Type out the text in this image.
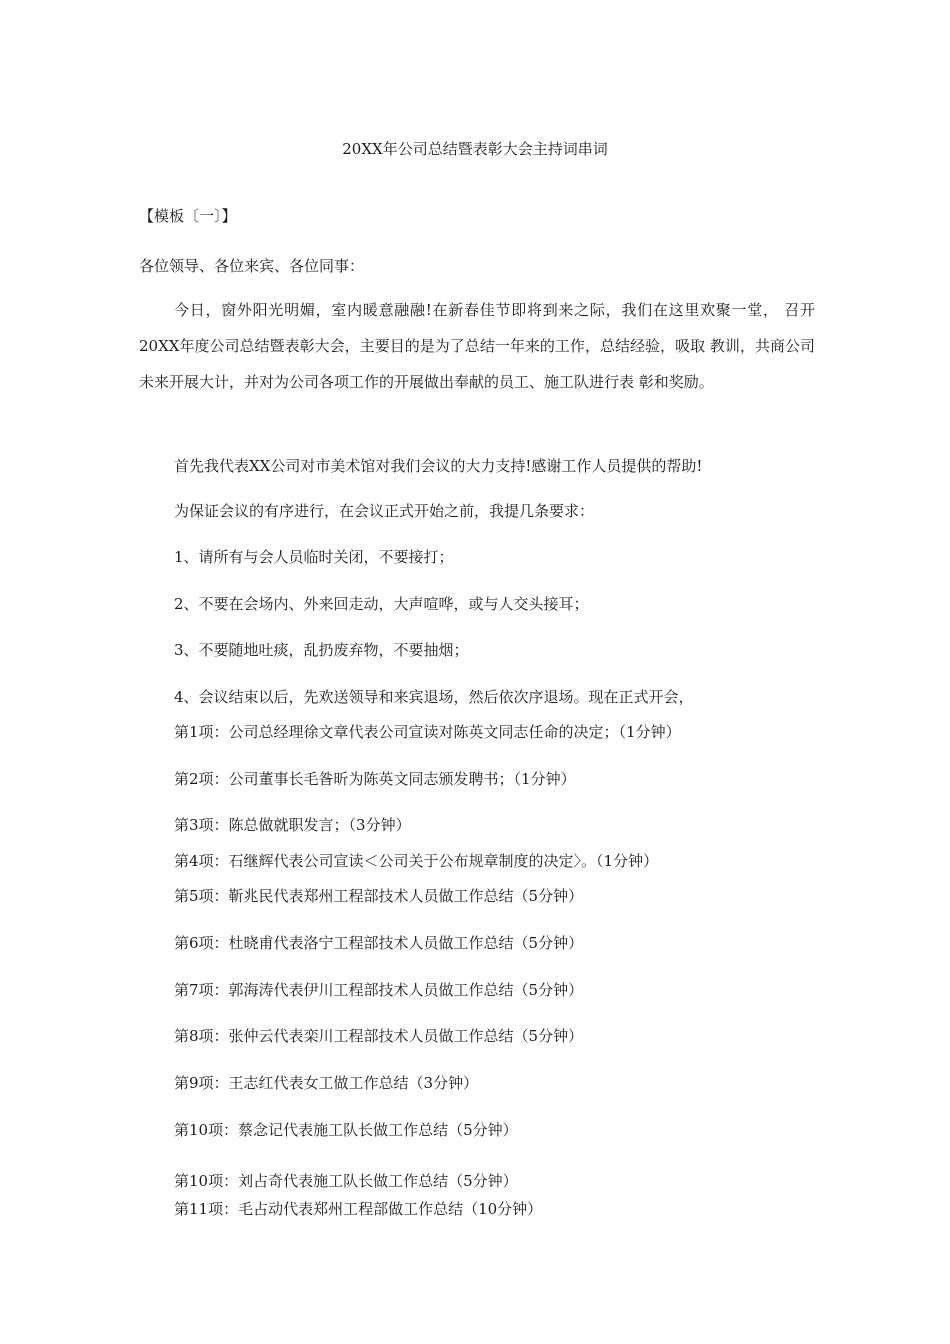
20XX年公司总结暨表彰大会主持词串词
【模板〔一〕】
各位领导、各位来宾、各位同事：
今日，窗外阳光明媚，室内暖意融融!在新春佳节即将到来之际，我们在这里欢聚一堂， 召开20XX年度公司总结暨表彰大会，主要目的是为了总结一年来的工作，总结经验，吸取 教训，共商公司未来开展大计，并对为公司各项工作的开展做出奉献的员工、施工队进行表 彰和奖励。
首先我代表XX公司对市美术馆对我们会议的大力支持!感谢工作人员提供的帮助!
为保证会议的有序进行，在会议正式开始之前，我提几条要求：
1、请所有与会人员临时关闭，不要接打；
2、不要在会场内、外来回走动，大声喧哗，或与人交头接耳；
3、不要随地吐痰，乱扔废弃物，不要抽烟；
4、会议结束以后，先欢送领导和来宾退场，然后依次序退场。现在正式开会，
第1项：公司总经理徐文章代表公司宣读对陈英文同志任命的决定；（1分钟）
第2项：公司董事长毛昝昕为陈英文同志颁发聘书；（1分钟）
第3项：陈总做就职发言；（3分钟）
第4项：石继辉代表公司宣读＜公司关于公布规章制度的决定〉。（1分钟）
第5项：靳兆民代表郑州工程部技术人员做工作总结（5分钟）
第6项：杜晓甫代表洛宁工程部技术人员做工作总结（5分钟）
第7项：郭海涛代表伊川工程部技术人员做工作总结（5分钟）
第8项：张仲云代表栾川工程部技术人员做工作总结（5分钟）
第9项：王志红代表女工做工作总结（3分钟）
第10项：蔡念记代表施工队长做工作总结（5分钟）
第10项：刘占奇代表施工队长做工作总结（5分钟）
第11项：毛占动代表郑州工程部做工作总结（10分钟）
